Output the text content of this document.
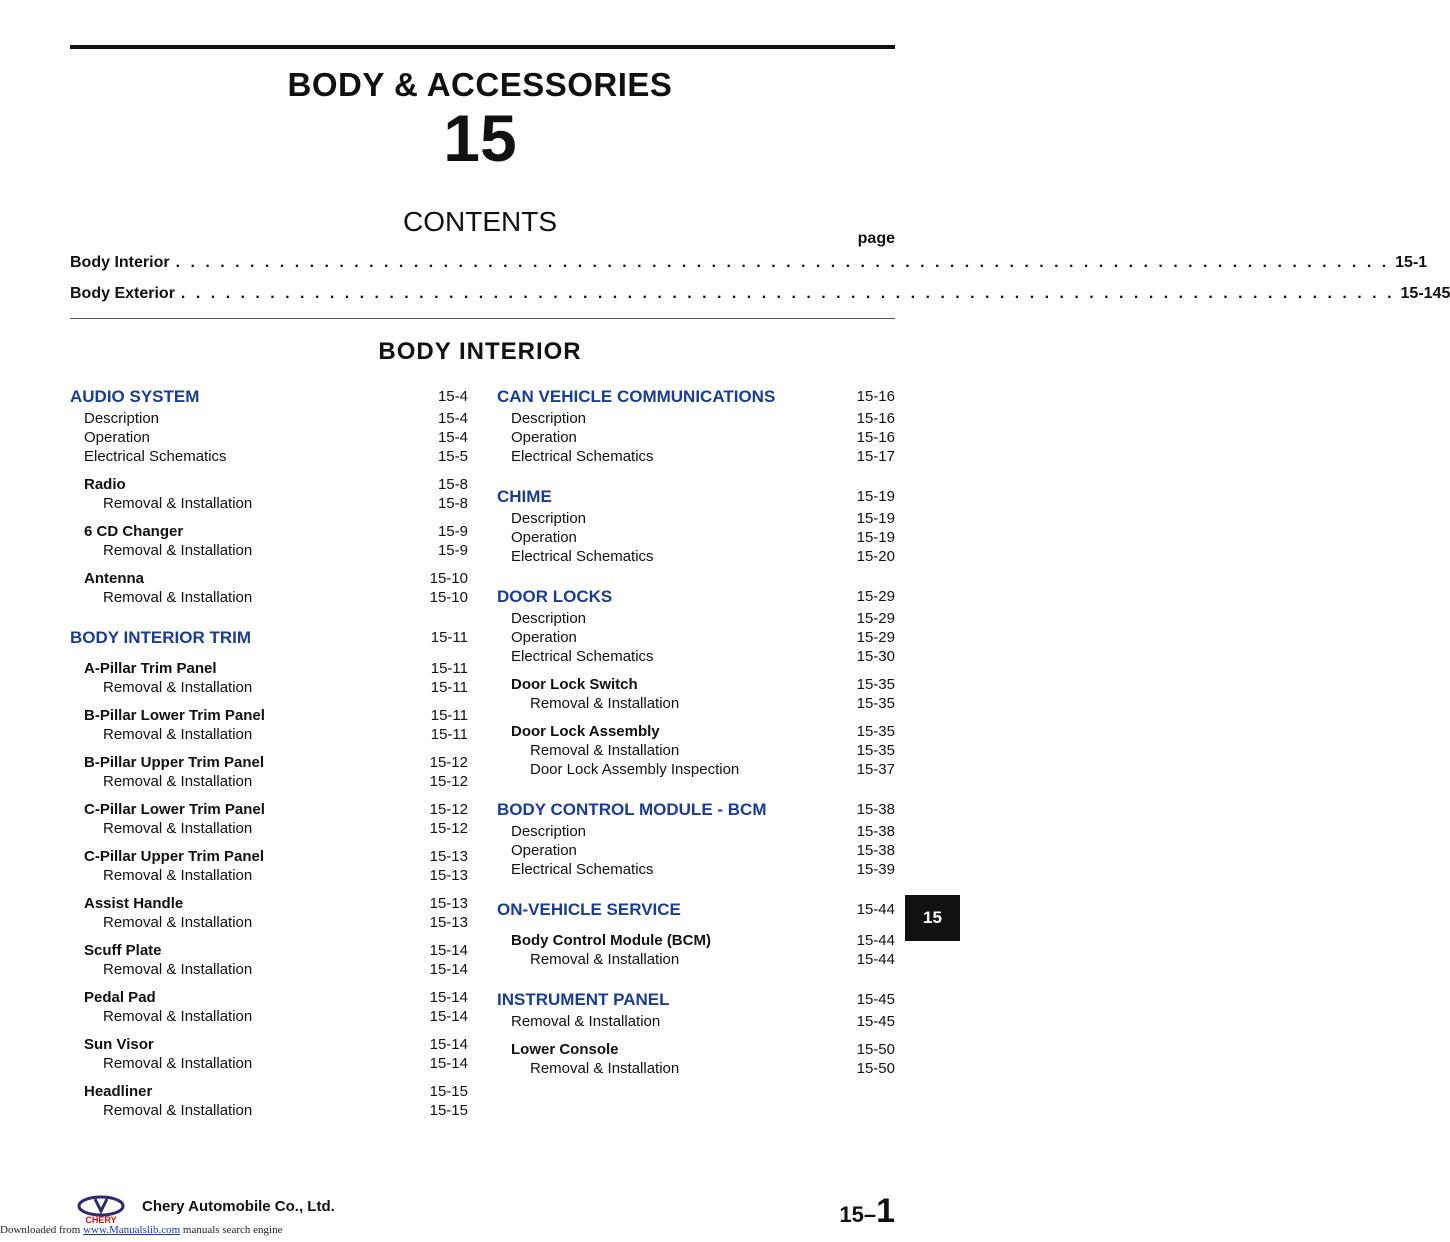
BODY & ACCESSORIES
15
CONTENTS
page
Body Interior . . . . . . . . . . . . . . . . . . . . . . . . . . . . . . . . . . . . . . . . . . . . . . . . . . . . . . . . . . . . . . . . . . . . . . . . . . . . . . . . . . 15-1
Body Exterior . . . . . . . . . . . . . . . . . . . . . . . . . . . . . . . . . . . . . . . . . . . . . . . . . . . . . . . . . . . . . . . . . . . . . . . . . . . . . . . . . . 15-145
BODY INTERIOR
AUDIO SYSTEM	15-4
Description	15-4
Operation	15-4
Electrical Schematics	15-5
Radio	15-8
Removal & Installation	15-8
6 CD Changer	15-9
Removal & Installation	15-9
Antenna	15-10
Removal & Installation	15-10
BODY INTERIOR TRIM	15-11
A-Pillar Trim Panel	15-11
Removal & Installation	15-11
B-Pillar Lower Trim Panel	15-11
Removal & Installation	15-11
B-Pillar Upper Trim Panel	15-12
Removal & Installation	15-12
C-Pillar Lower Trim Panel	15-12
Removal & Installation	15-12
C-Pillar Upper Trim Panel	15-13
Removal & Installation	15-13
Assist Handle	15-13
Removal & Installation	15-13
Scuff Plate	15-14
Removal & Installation	15-14
Pedal Pad	15-14
Removal & Installation	15-14
Sun Visor	15-14
Removal & Installation	15-14
Headliner	15-15
Removal & Installation	15-15
CAN VEHICLE COMMUNICATIONS	15-16
Description	15-16
Operation	15-16
Electrical Schematics	15-17
CHIME	15-19
Description	15-19
Operation	15-19
Electrical Schematics	15-20
DOOR LOCKS	15-29
Description	15-29
Operation	15-29
Electrical Schematics	15-30
Door Lock Switch	15-35
Removal & Installation	15-35
Door Lock Assembly	15-35
Removal & Installation	15-35
Door Lock Assembly Inspection	15-37
BODY CONTROL MODULE - BCM	15-38
Description	15-38
Operation	15-38
Electrical Schematics	15-39
ON-VEHICLE SERVICE	15-44
Body Control Module (BCM)	15-44
Removal & Installation	15-44
INSTRUMENT PANEL	15-45
Removal & Installation	15-45
Lower Console	15-50
Removal & Installation	15-50
15
CHERY
Chery Automobile Co., Ltd.	15–1
Downloaded from www.Manualslib.com manuals search engine
